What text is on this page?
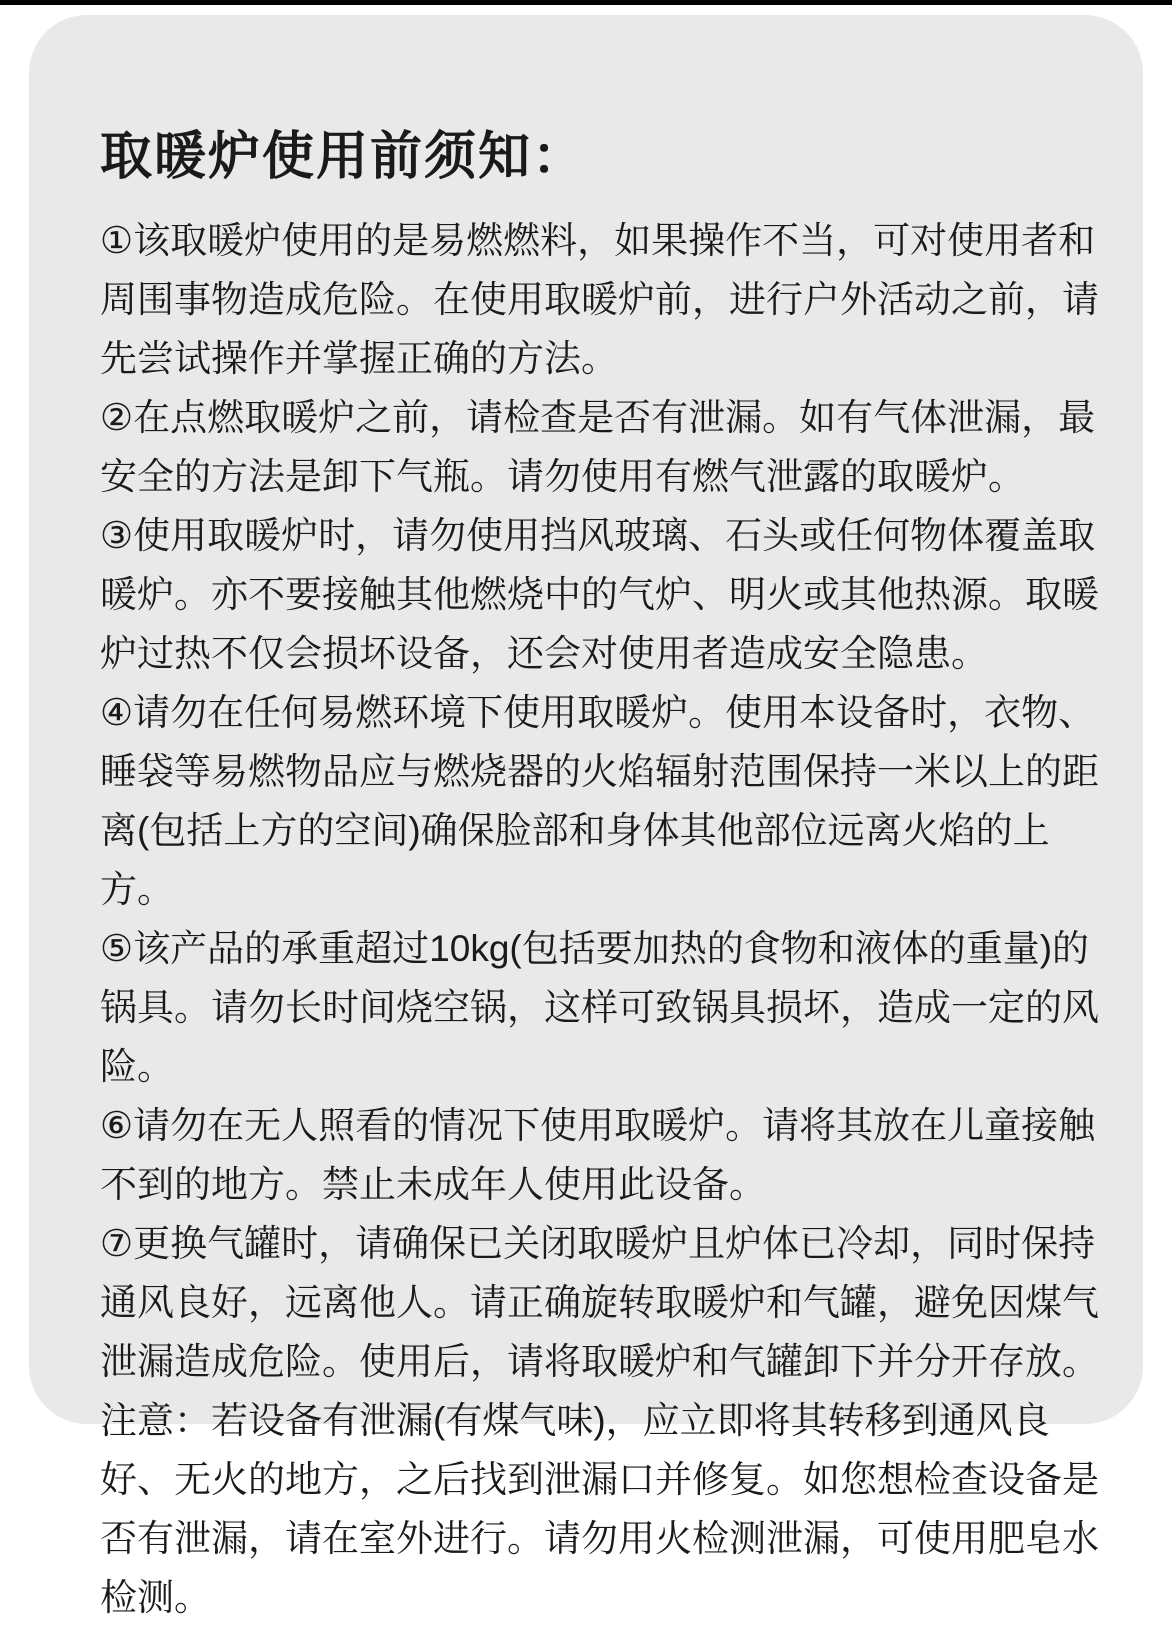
取暖炉使用前须知：

①该取暖炉使用的是易燃燃料，如果操作不当，可对使用者和周围事物造成危险。在使用取暖炉前，进行户外活动之前，请先尝试操作并掌握正确的方法。

②在点燃取暖炉之前，请检查是否有泄漏。如有气体泄漏，最安全的方法是卸下气瓶。请勿使用有燃气泄露的取暖炉。

③使用取暖炉时，请勿使用挡风玻璃、石头或任何物体覆盖取暖炉。亦不要接触其他燃烧中的气炉、明火或其他热源。取暖炉过热不仅会损坏设备，还会对使用者造成安全隐患。

④请勿在任何易燃环境下使用取暖炉。使用本设备时，衣物、睡袋等易燃物品应与燃烧器的火焰辐射范围保持一米以上的距离(包括上方的空间)确保脸部和身体其他部位远离火焰的上方。

⑤该产品的承重超过10kg(包括要加热的食物和液体的重量)的锅具。请勿长时间烧空锅，这样可致锅具损坏，造成一定的风险。

⑥请勿在无人照看的情况下使用取暖炉。请将其放在儿童接触不到的地方。禁止未成年人使用此设备。

⑦更换气罐时，请确保已关闭取暖炉且炉体已冷却，同时保持通风良好，远离他人。请正确旋转取暖炉和气罐，避免因煤气泄漏造成危险。使用后，请将取暖炉和气罐卸下并分开存放。

注意：若设备有泄漏(有煤气味)，应立即将其转移到通风良好、无火的地方，之后找到泄漏口并修复。如您想检查设备是否有泄漏，请在室外进行。请勿用火检测泄漏，可使用肥皂水检测。
